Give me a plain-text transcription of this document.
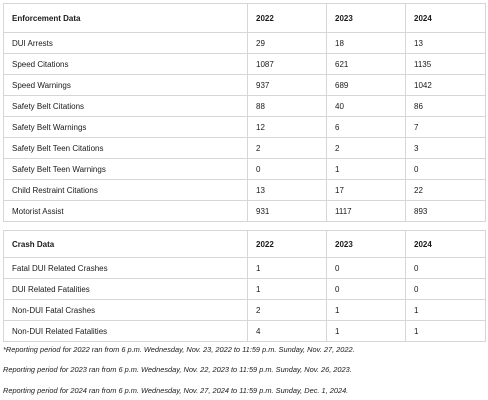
Enforcement Data	2022	2023	2024
DUI Arrests	29	18	13
Speed Citations	1087	621	1135
Speed Warnings	937	689	1042
Safety Belt Citations	88	40	86
Safety Belt Warnings	12	6	7
Safety Belt Teen Citations	2	2	3
Safety Belt Teen Warnings	0	1	0
Child Restraint Citations	13	17	22
Motorist Assist	931	1117	893
Crash Data	2022	2023	2024
Fatal DUI Related Crashes	1	0	0
DUI Related Fatalities	1	0	0
Non-DUI Fatal Crashes	2	1	1
Non-DUI Related Fatalities	4	1	1

*Reporting period for 2022 ran from 6 p.m. Wednesday, Nov. 23, 2022 to 11:59 p.m. Sunday, Nov. 27, 2022.

Reporting period for 2023 ran from 6 p.m. Wednesday, Nov. 22, 2023 to 11:59 p.m. Sunday, Nov. 26, 2023.

Reporting period for 2024 ran from 6 p.m. Wednesday, Nov. 27, 2024 to 11:59 p.m. Sunday, Dec. 1, 2024.
